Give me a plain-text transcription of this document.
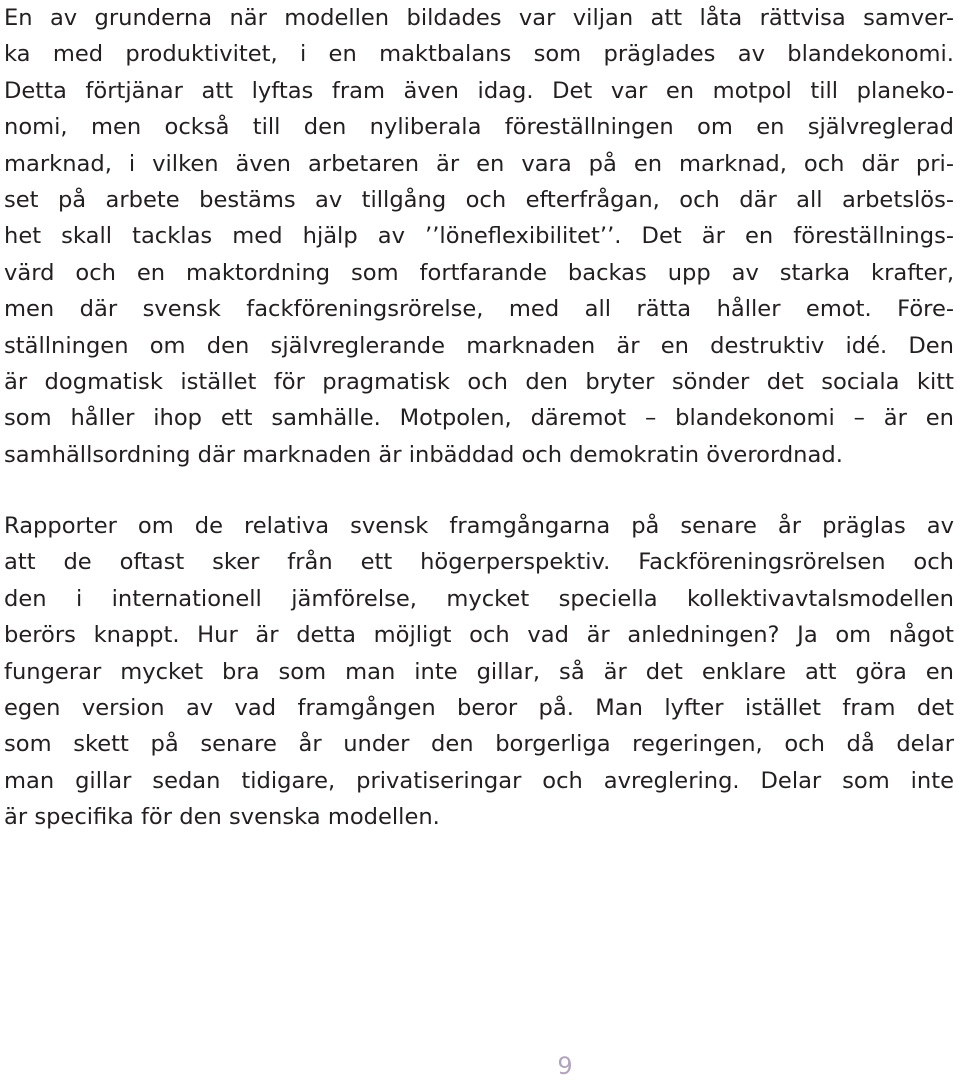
En av grunderna när modellen bildades var viljan att låta rättvisa samver-
ka med produktivitet, i en maktbalans som präglades av blandekonomi.
Detta förtjänar att lyftas fram även idag. Det var en motpol till planeko-
nomi, men också till den nyliberala föreställningen om en självreglerad
marknad, i vilken även arbetaren är en vara på en marknad, och där pri-
set på arbete bestäms av tillgång och efterfrågan, och där all arbetslös-
het skall tacklas med hjälp av ’’löneflexibilitet’’. Det är en föreställnings-
värd och en maktordning som fortfarande backas upp av starka krafter,
men där svensk fackföreningsrörelse, med all rätta håller emot. Före-
ställningen om den självreglerande marknaden är en destruktiv idé. Den
är dogmatisk istället för pragmatisk och den bryter sönder det sociala kitt
som håller ihop ett samhälle. Motpolen, däremot – blandekonomi – är en
samhällsordning där marknaden är inbäddad och demokratin överordnad.
Rapporter om de relativa svensk framgångarna på senare år präglas av
att de oftast sker från ett högerperspektiv. Fackföreningsrörelsen och
den i internationell jämförelse, mycket speciella kollektivavtalsmodellen
berörs knappt. Hur är detta möjligt och vad är anledningen? Ja om något
fungerar mycket bra som man inte gillar, så är det enklare att göra en
egen version av vad framgången beror på. Man lyfter istället fram det
som skett på senare år under den borgerliga regeringen, och då delar
man gillar sedan tidigare, privatiseringar och avreglering. Delar som inte
är specifika för den svenska modellen.
9
